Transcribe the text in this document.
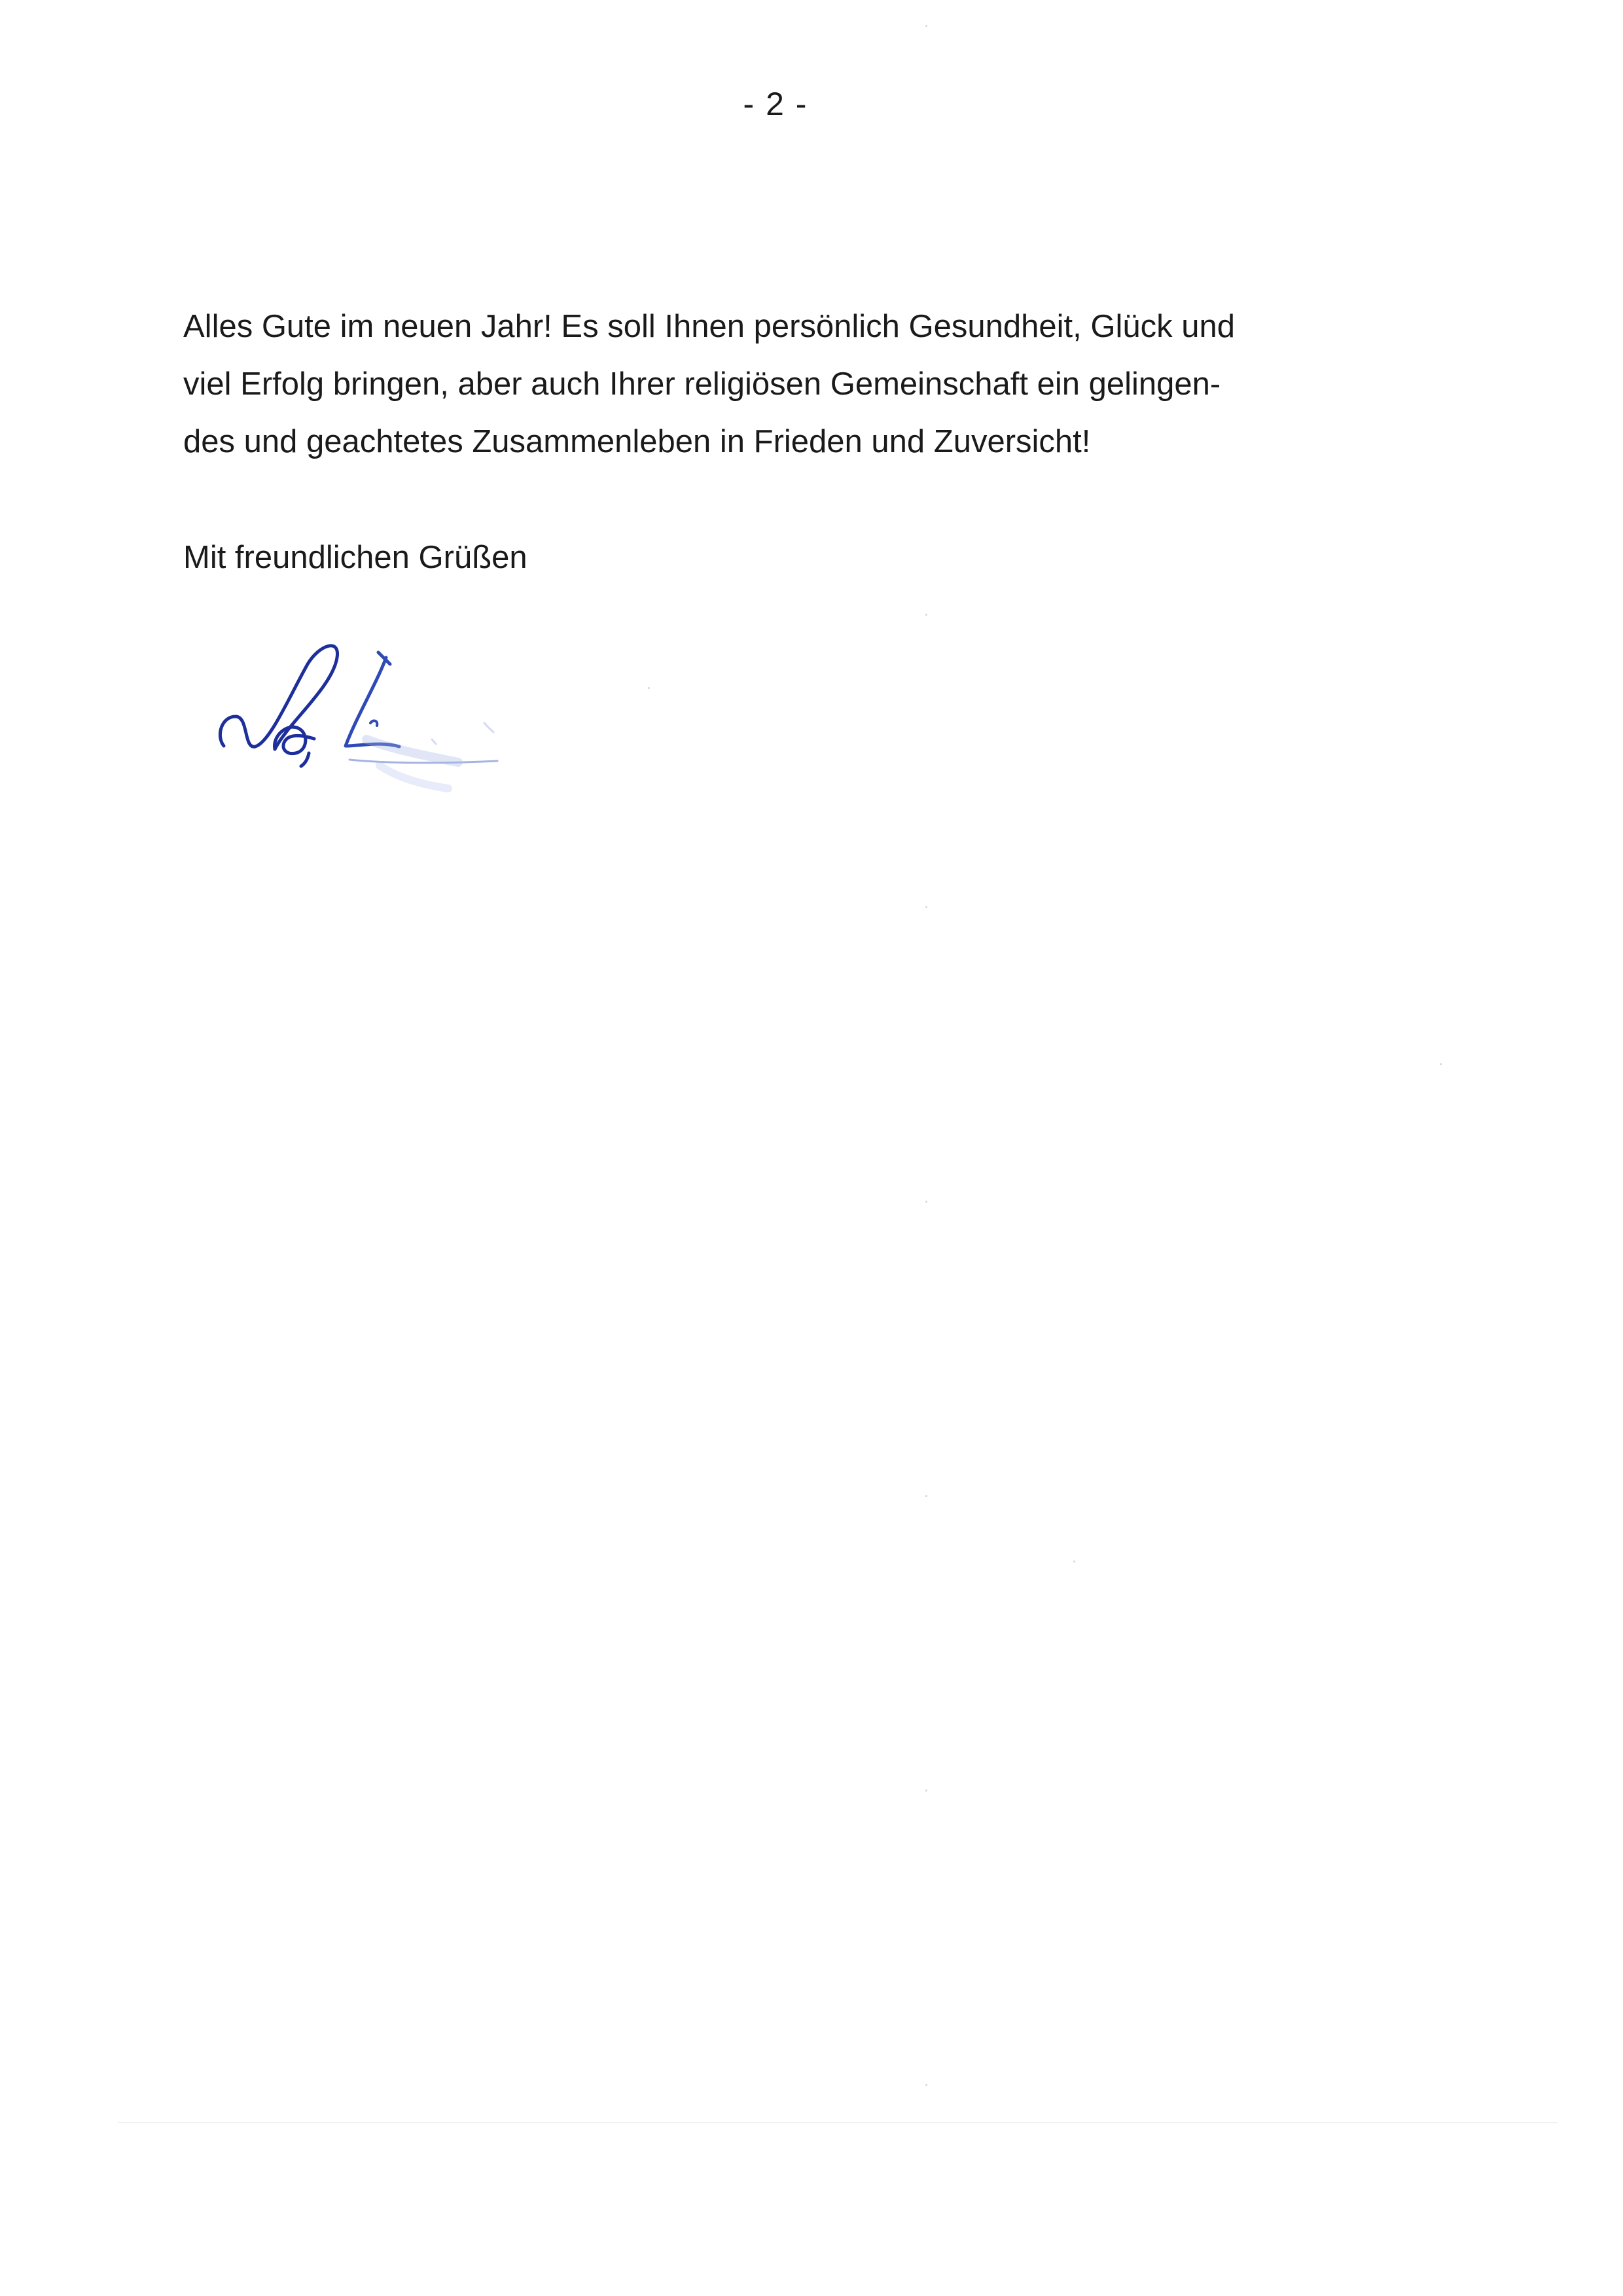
- 2 -

Alles Gute im neuen Jahr! Es soll Ihnen persönlich Gesundheit, Glück und
viel Erfolg bringen, aber auch Ihrer religiösen Gemeinschaft ein gelingen-
des und geachtetes Zusammenleben in Frieden und Zuversicht!

Mit freundlichen Grüßen
